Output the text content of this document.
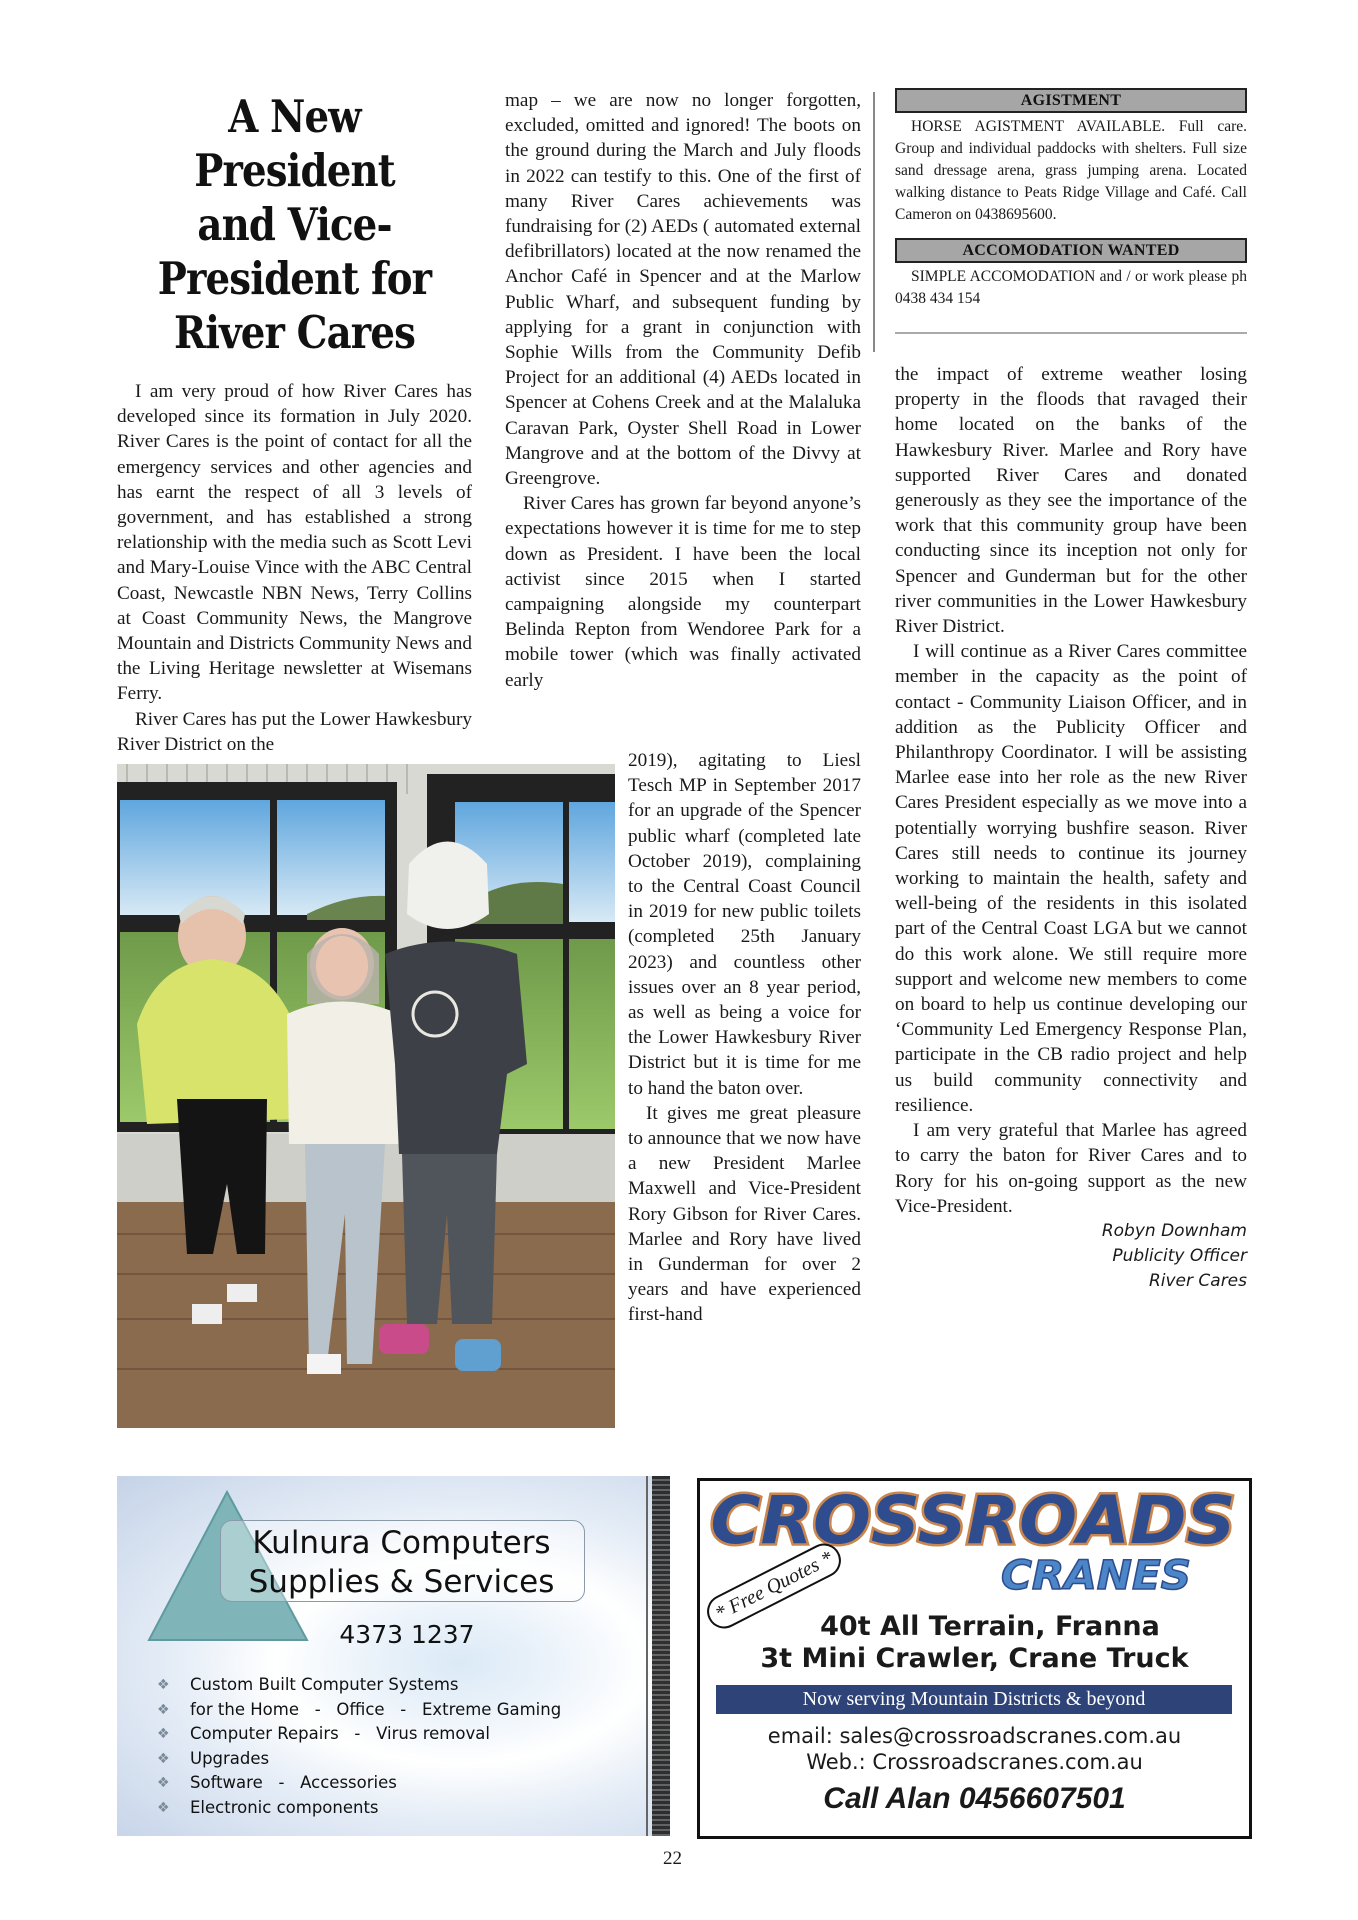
A New President
and Vice-
President for
River Cares

I am very proud of how River Cares has developed since its formation in July 2020. River Cares is the point of contact for all the emergency services and other agencies and has earnt the respect of all 3 levels of government, and has established a strong relationship with the media such as Scott Levi and Mary-Louise Vince with the ABC Central Coast, Newcastle NBN News, Terry Collins at Coast Community News, the Mangrove Mountain and Districts Community News and the Living Heritage newsletter at Wisemans Ferry.

River Cares has put the Lower Hawkesbury River District on the

map – we are now no longer forgotten, excluded, omitted and ignored! The boots on the ground during the March and July floods in 2022 can testify to this. One of the first of many River Cares achievements was fundraising for (2) AEDs ( automated external defibrillators) located at the now renamed the Anchor Café in Spencer and at the Marlow Public Wharf, and subsequent funding by applying for a grant in conjunction with Sophie Wills from the Community Defib Project for an additional (4) AEDs located in Spencer at Cohens Creek and at the Malaluka Caravan Park, Oyster Shell Road in Lower Mangrove and at the bottom of the Divvy at Greengrove.

River Cares has grown far beyond anyone’s expectations however it is time for me to step down as President. I have been the local activist since 2015 when I started campaigning alongside my counterpart Belinda Repton from Wendoree Park for a mobile tower (which was finally activated early

2019), agitating to Liesl Tesch MP in September 2017 for an upgrade of the Spencer public wharf (completed late October 2019), complaining to the Central Coast Council in 2019 for new public toilets (completed 25th January 2023) and countless other issues over an 8 year period, as well as being a voice for the Lower Hawkesbury River District but it is time for me to hand the baton over.

It gives me great pleasure to announce that we now have a new President Marlee Maxwell and Vice-President Rory Gibson for River Cares. Marlee and Rory have lived in Gunderman for over 2 years and have experienced first-hand

AGISTMENT
HORSE AGISTMENT AVAILABLE. Full care. Group and individual paddocks with shelters. Full size sand dressage arena, grass jumping arena. Located walking distance to Peats Ridge Village and Café. Call Cameron on 0438695600.
ACCOMODATION WANTED
SIMPLE ACCOMODATION and / or work please ph 0438 434 154

the impact of extreme weather losing property in the floods that ravaged their home located on the banks of the Hawkesbury River. Marlee and Rory have supported River Cares and donated generously as they see the importance of the work that this community group have been conducting since its inception not only for Spencer and Gunderman but for the other river communities in the Lower Hawkesbury River District.

I will continue as a River Cares committee member in the capacity as the point of contact - Community Liaison Officer, and in addition as the Publicity Officer and Philanthropy Coordinator. I will be assisting Marlee ease into her role as the new River Cares President especially as we move into a potentially worrying bushfire season. River Cares still needs to continue its journey working to maintain the health, safety and well-being of the residents in this isolated part of the Central Coast LGA but we cannot do this work alone. We still require more support and welcome new members to come on board to help us continue developing our ‘Community Led Emergency Response Plan, participate in the CB radio project and help us build community connectivity and resilience.

I am very grateful that Marlee has agreed to carry the baton for River Cares and to Rory for his on-going support as the new Vice-President.

Robyn Downham
Publicity Officer
River Cares
Kulnura Computers
Supplies & Services
4373 1237
❖	Custom Built Computer Systems
❖	for the Home   -   Office   -   Extreme Gaming
❖	Computer Repairs   -   Virus removal
❖	Upgrades
❖	Software   -   Accessories
❖	Electronic components
CROSSROADS
CRANES
* Free Quotes *
40t All Terrain, Franna
3t Mini Crawler, Crane Truck
Now serving Mountain Districts & beyond
email: sales@crossroadscranes.com.au
Web.: Crossroadscranes.com.au
Call Alan 0456607501
22
